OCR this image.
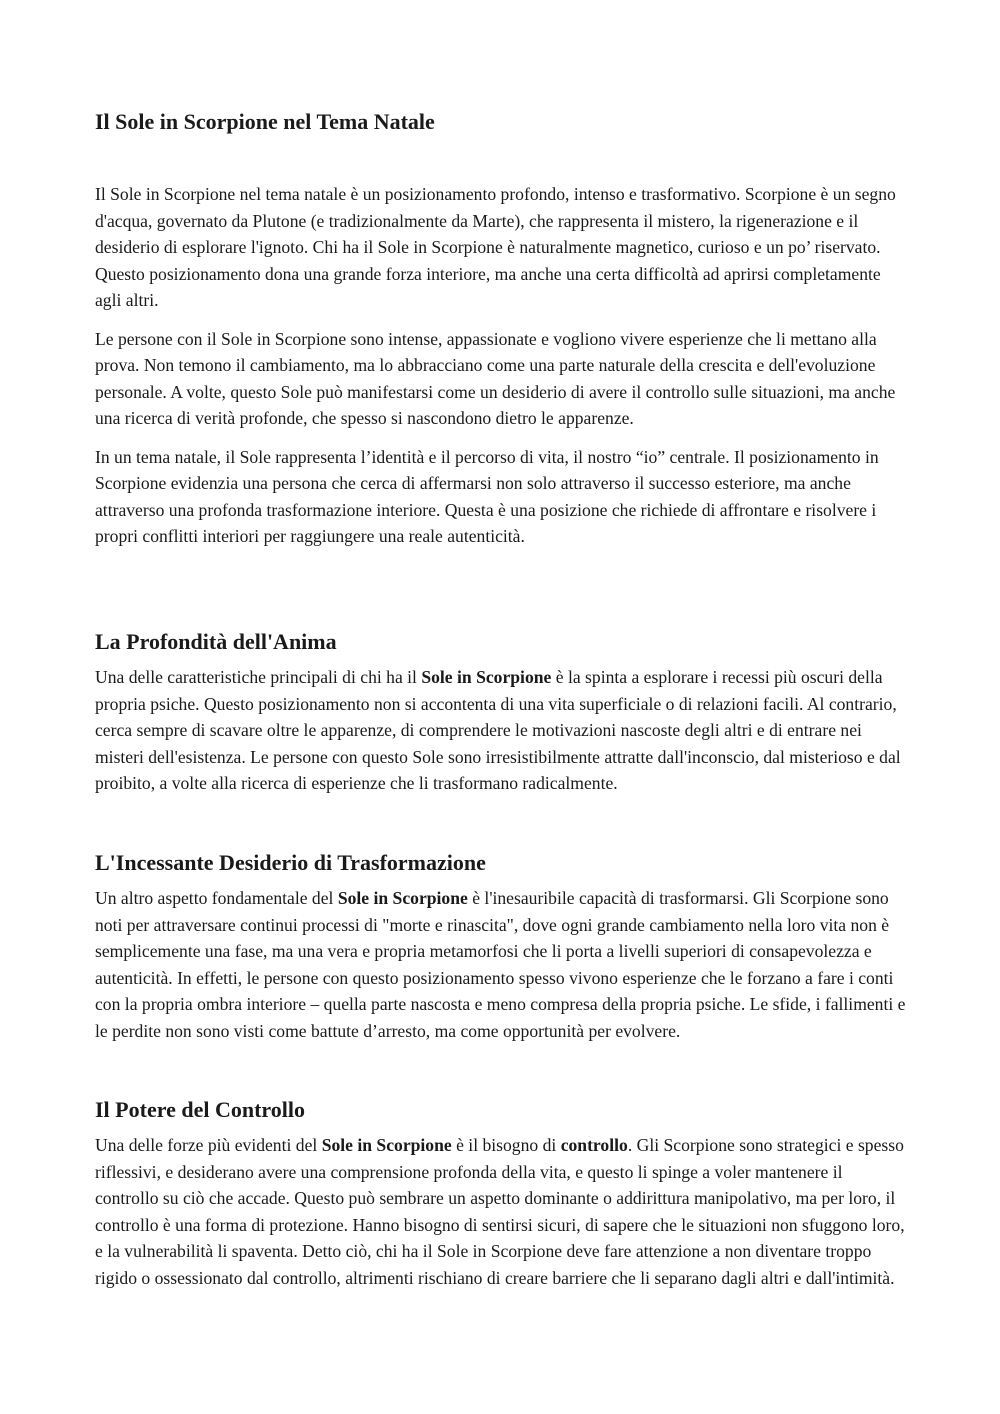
Il Sole in Scorpione nel Tema Natale

Il Sole in Scorpione nel tema natale è un posizionamento profondo, intenso e trasformativo. Scorpione è un segno d'acqua, governato da Plutone (e tradizionalmente da Marte), che rappresenta il mistero, la rigenerazione e il desiderio di esplorare l'ignoto. Chi ha il Sole in Scorpione è naturalmente magnetico, curioso e un po’ riservato. Questo posizionamento dona una grande forza interiore, ma anche una certa difficoltà ad aprirsi completamente agli altri.

Le persone con il Sole in Scorpione sono intense, appassionate e vogliono vivere esperienze che li mettano alla prova. Non temono il cambiamento, ma lo abbracciano come una parte naturale della crescita e dell'evoluzione personale. A volte, questo Sole può manifestarsi come un desiderio di avere il controllo sulle situazioni, ma anche una ricerca di verità profonde, che spesso si nascondono dietro le apparenze.

In un tema natale, il Sole rappresenta l’identità e il percorso di vita, il nostro “io” centrale. Il posizionamento in Scorpione evidenzia una persona che cerca di affermarsi non solo attraverso il successo esteriore, ma anche attraverso una profonda trasformazione interiore. Questa è una posizione che richiede di affrontare e risolvere i propri conflitti interiori per raggiungere una reale autenticità.

La Profondità dell'Anima

Una delle caratteristiche principali di chi ha il Sole in Scorpione è la spinta a esplorare i recessi più oscuri della propria psiche. Questo posizionamento non si accontenta di una vita superficiale o di relazioni facili. Al contrario, cerca sempre di scavare oltre le apparenze, di comprendere le motivazioni nascoste degli altri e di entrare nei misteri dell'esistenza. Le persone con questo Sole sono irresistibilmente attratte dall'inconscio, dal misterioso e dal proibito, a volte alla ricerca di esperienze che li trasformano radicalmente.

L'Incessante Desiderio di Trasformazione

Un altro aspetto fondamentale del Sole in Scorpione è l'inesauribile capacità di trasformarsi. Gli Scorpione sono noti per attraversare continui processi di "morte e rinascita", dove ogni grande cambiamento nella loro vita non è semplicemente una fase, ma una vera e propria metamorfosi che li porta a livelli superiori di consapevolezza e autenticità. In effetti, le persone con questo posizionamento spesso vivono esperienze che le forzano a fare i conti con la propria ombra interiore – quella parte nascosta e meno compresa della propria psiche. Le sfide, i fallimenti e le perdite non sono visti come battute d’arresto, ma come opportunità per evolvere.

Il Potere del Controllo

Una delle forze più evidenti del Sole in Scorpione è il bisogno di controllo. Gli Scorpione sono strategici e spesso riflessivi, e desiderano avere una comprensione profonda della vita, e questo li spinge a voler mantenere il controllo su ciò che accade. Questo può sembrare un aspetto dominante o addirittura manipolativo, ma per loro, il controllo è una forma di protezione. Hanno bisogno di sentirsi sicuri, di sapere che le situazioni non sfuggono loro, e la vulnerabilità li spaventa. Detto ciò, chi ha il Sole in Scorpione deve fare attenzione a non diventare troppo rigido o ossessionato dal controllo, altrimenti rischiano di creare barriere che li separano dagli altri e dall'intimità.
